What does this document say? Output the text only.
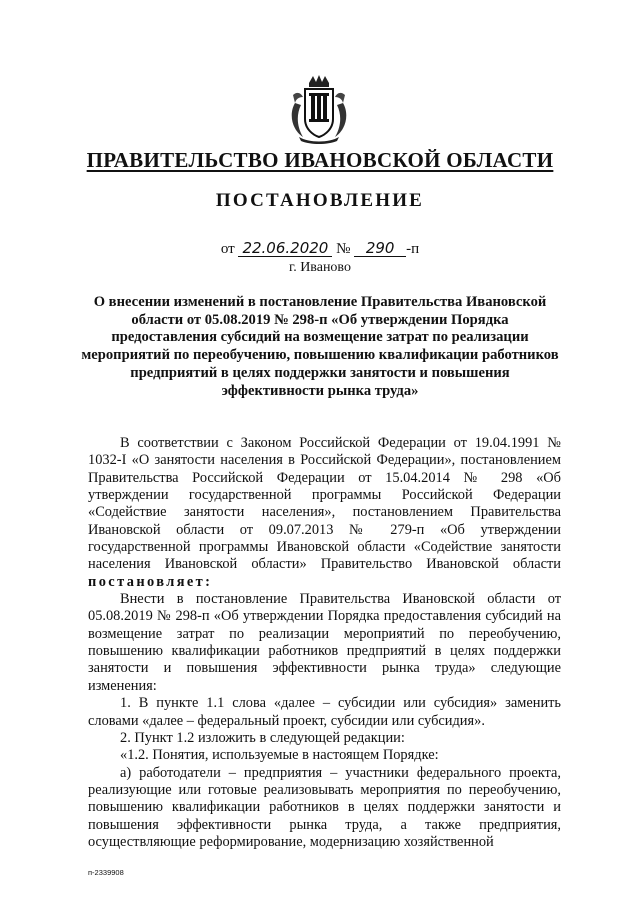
ПРАВИТЕЛЬСТВО ИВАНОВСКОЙ ОБЛАСТИ
ПОСТАНОВЛЕНИЕ
от 22.06.2020 № 290 -п
г. Иваново
О внесении изменений в постановление Правительства Ивановской области от 05.08.2019 № 298-п «Об утверждении Порядка предоставления субсидий на возмещение затрат по реализации мероприятий по переобучению, повышению квалификации работников предприятий в целях поддержки занятости и повышения эффективности рынка труда»

В соответствии с Законом Российской Федерации от 19.04.1991 № 1032-I «О занятости населения в Российской Федерации», постановлением Правительства Российской Федерации от 15.04.2014 № 298 «Об утверждении государственной программы Российской Федерации «Содействие занятости населения», постановлением Правительства Ивановской области от 09.07.2013 № 279-п «Об утверждении государственной программы Ивановской области «Содействие занятости населения Ивановской области» Правительство Ивановской области постановляет:

Внести в постановление Правительства Ивановской области от 05.08.2019 № 298-п «Об утверждении Порядка предоставления субсидий на возмещение затрат по реализации мероприятий по переобучению, повышению квалификации работников предприятий в целях поддержки занятости и повышения эффективности рынка труда» следующие изменения:

1. В пункте 1.1 слова «далее – субсидии или субсидия» заменить словами «далее – федеральный проект, субсидии или субсидия».

2. Пункт 1.2 изложить в следующей редакции:

«1.2. Понятия, используемые в настоящем Порядке:

а) работодатели – предприятия – участники федерального проекта, реализующие или готовые реализовывать мероприятия по переобучению, повышению квалификации работников в целях поддержки занятости и повышения эффективности рынка труда, а также предприятия, осуществляющие реформирование, модернизацию хозяйственной

п-2339908
